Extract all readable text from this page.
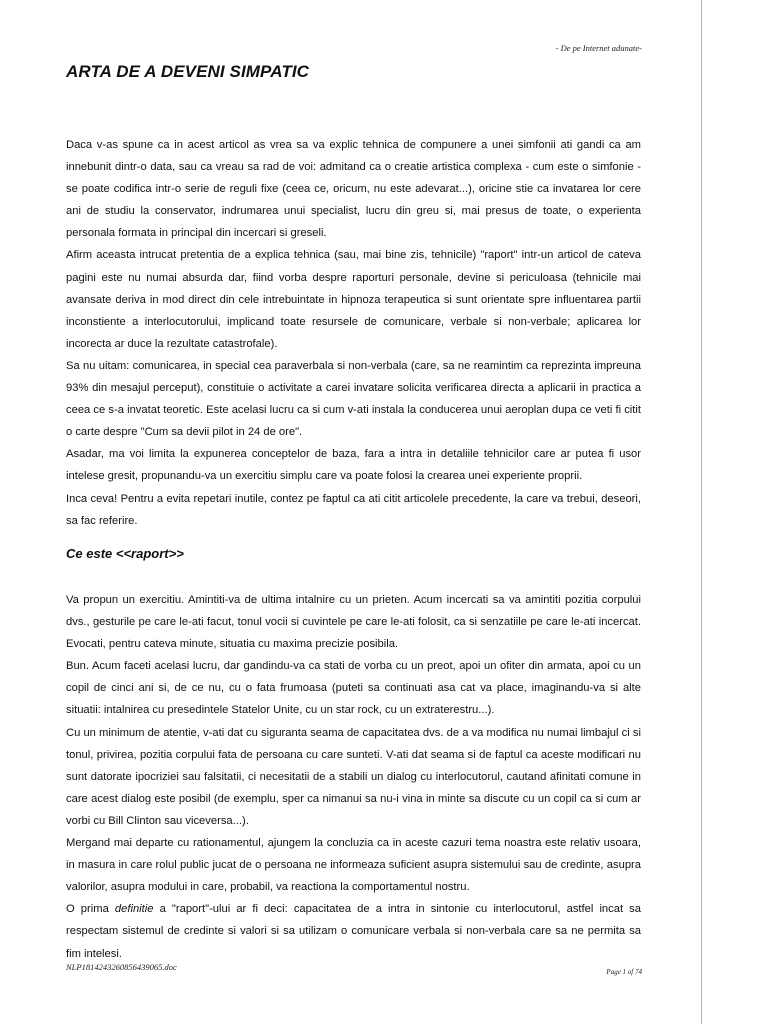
- De pe Internet adunate-
ARTA DE A DEVENI SIMPATIC

Daca v-as spune ca in acest articol as vrea sa va explic tehnica de compunere a unei simfonii ati gandi ca am innebunit dintr-o data, sau ca vreau sa rad de voi: admitand ca o creatie artistica complexa - cum este o simfonie - se poate codifica intr-o serie de reguli fixe (ceea ce, oricum, nu este adevarat...), oricine stie ca invatarea lor cere ani de studiu la conservator, indrumarea unui specialist, lucru din greu si, mai presus de toate, o experienta personala formata in principal din incercari si greseli.

Afirm aceasta intrucat pretentia de a explica tehnica (sau, mai bine zis, tehnicile) "raport" intr-un articol de cateva pagini este nu numai absurda dar, fiind vorba despre raporturi personale, devine si periculoasa (tehnicile mai avansate deriva in mod direct din cele intrebuintate in hipnoza terapeutica si sunt orientate spre influentarea partii inconstiente a interlocutorului, implicand toate resursele de comunicare, verbale si non-verbale; aplicarea lor incorecta ar duce la rezultate catastrofale).

Sa nu uitam: comunicarea, in special cea paraverbala si non-verbala (care, sa ne reamintim ca reprezinta impreuna 93% din mesajul perceput), constituie o activitate a carei invatare solicita verificarea directa a aplicarii in practica a ceea ce s-a invatat teoretic. Este acelasi lucru ca si cum v-ati instala la conducerea unui aeroplan dupa ce veti fi citit o carte despre "Cum sa devii pilot in 24 de ore".

Asadar, ma voi limita la expunerea conceptelor de baza, fara a intra in detaliile tehnicilor care ar putea fi usor intelese gresit, propunandu-va un exercitiu simplu care va poate folosi la crearea unei experiente proprii.

Inca ceva! Pentru a evita repetari inutile, contez pe faptul ca ati citit articolele precedente, la care va trebui, deseori, sa fac referire.

Ce este <<raport>>

Va propun un exercitiu. Amintiti-va de ultima intalnire cu un prieten. Acum incercati sa va amintiti pozitia corpului dvs., gesturile pe care le-ati facut, tonul vocii si cuvintele pe care le-ati folosit, ca si senzatiile pe care le-ati incercat. Evocati, pentru cateva minute, situatia cu maxima precizie posibila.

Bun. Acum faceti acelasi lucru, dar gandindu-va ca stati de vorba cu un preot, apoi un ofiter din armata, apoi cu un copil de cinci ani si, de ce nu, cu o fata frumoasa (puteti sa continuati asa cat va place, imaginandu-va si alte situatii: intalnirea cu presedintele Statelor Unite, cu un star rock, cu un extraterestru...).

Cu un minimum de atentie, v-ati dat cu siguranta seama de capacitatea dvs. de a va modifica nu numai limbajul ci si tonul, privirea, pozitia corpului fata de persoana cu care sunteti. V-ati dat seama si de faptul ca aceste modificari nu sunt datorate ipocriziei sau falsitatii, ci necesitatii de a stabili un dialog cu interlocutorul, cautand afinitati comune in care acest dialog este posibil (de exemplu, sper ca nimanui sa nu-i vina in minte sa discute cu un copil ca si cum ar vorbi cu Bill Clinton sau viceversa...).

Mergand mai departe cu rationamentul, ajungem la concluzia ca in aceste cazuri tema noastra este relativ usoara, in masura in care rolul public jucat de o persoana ne informeaza suficient asupra sistemului sau de credinte, asupra valorilor, asupra modului in care, probabil, va reactiona la comportamentul nostru.

O prima definitie a "raport"-ului ar fi deci: capacitatea de a intra in sintonie cu interlocutorul, astfel incat sa respectam sistemul de credinte si valori si sa utilizam o comunicare verbala si non-verbala care sa ne permita sa fim intelesi.

NLP1814243260856439065.doc	Page 1 of 74
